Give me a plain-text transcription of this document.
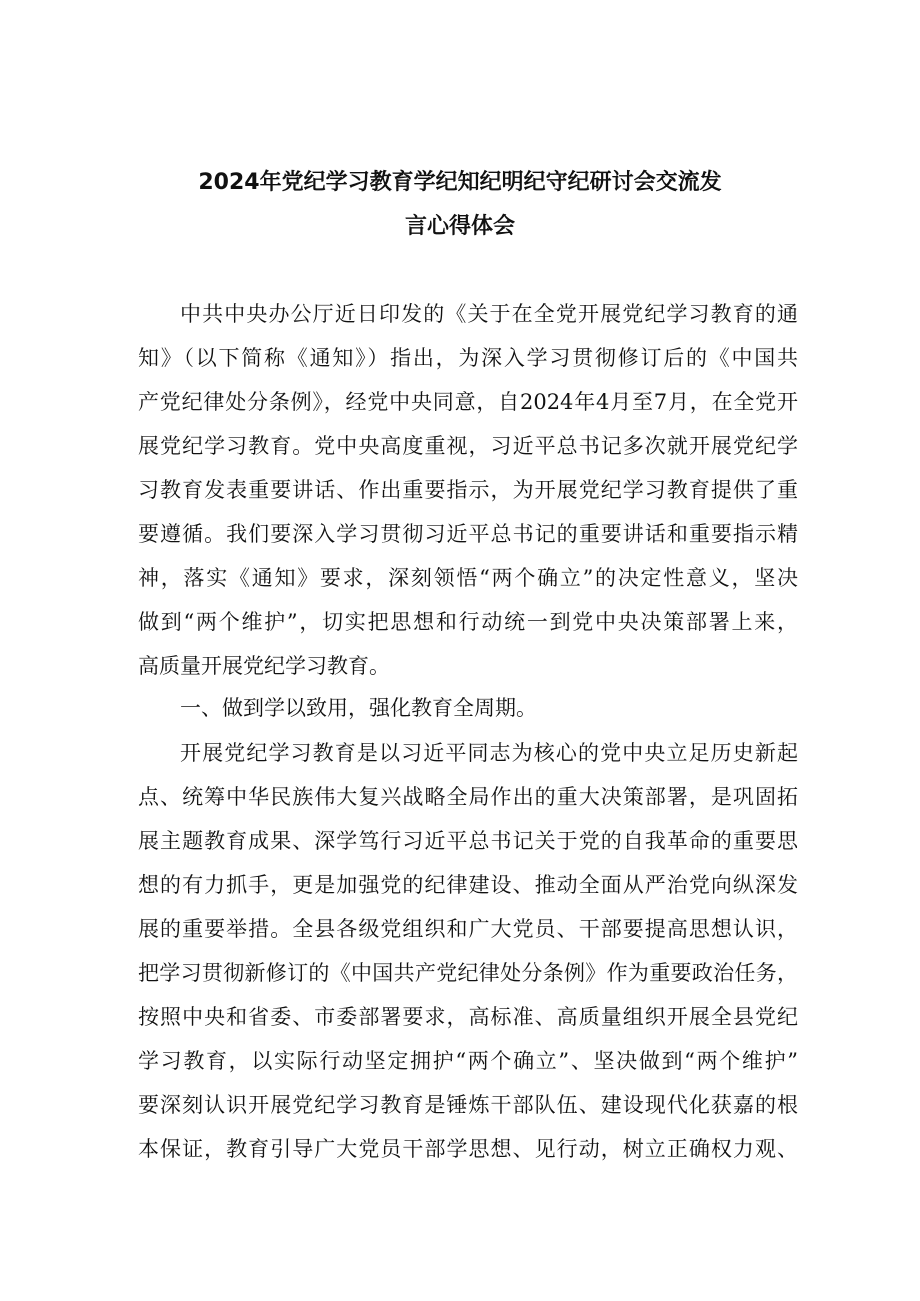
2024年党纪学习教育学纪知纪明纪守纪研讨会交流发
言心得体会
中共中央办公厅近日印发的《关于在全党开展党纪学习教育的通
知》（以下简称《通知》）指出，为深入学习贯彻修订后的《中国共
产党纪律处分条例》，经党中央同意，自2024年4月至7月，在全党开
展党纪学习教育。党中央高度重视，习近平总书记多次就开展党纪学
习教育发表重要讲话、作出重要指示，为开展党纪学习教育提供了重
要遵循。我们要深入学习贯彻习近平总书记的重要讲话和重要指示精
神，落实《通知》要求，深刻领悟“两个确立”的决定性意义，坚决
做到“两个维护”，切实把思想和行动统一到党中央决策部署上来，
高质量开展党纪学习教育。
一、做到学以致用，强化教育全周期。
开展党纪学习教育是以习近平同志为核心的党中央立足历史新起
点、统筹中华民族伟大复兴战略全局作出的重大决策部署，是巩固拓
展主题教育成果、深学笃行习近平总书记关于党的自我革命的重要思
想的有力抓手，更是加强党的纪律建设、推动全面从严治党向纵深发
展的重要举措。全县各级党组织和广大党员、干部要提高思想认识，
把学习贯彻新修订的《中国共产党纪律处分条例》作为重要政治任务，
按照中央和省委、市委部署要求，高标准、高质量组织开展全县党纪
学习教育，以实际行动坚定拥护“两个确立”、坚决做到“两个维护”
要深刻认识开展党纪学习教育是锤炼干部队伍、建设现代化获嘉的根
本保证，教育引导广大党员干部学思想、见行动，树立正确权力观、
